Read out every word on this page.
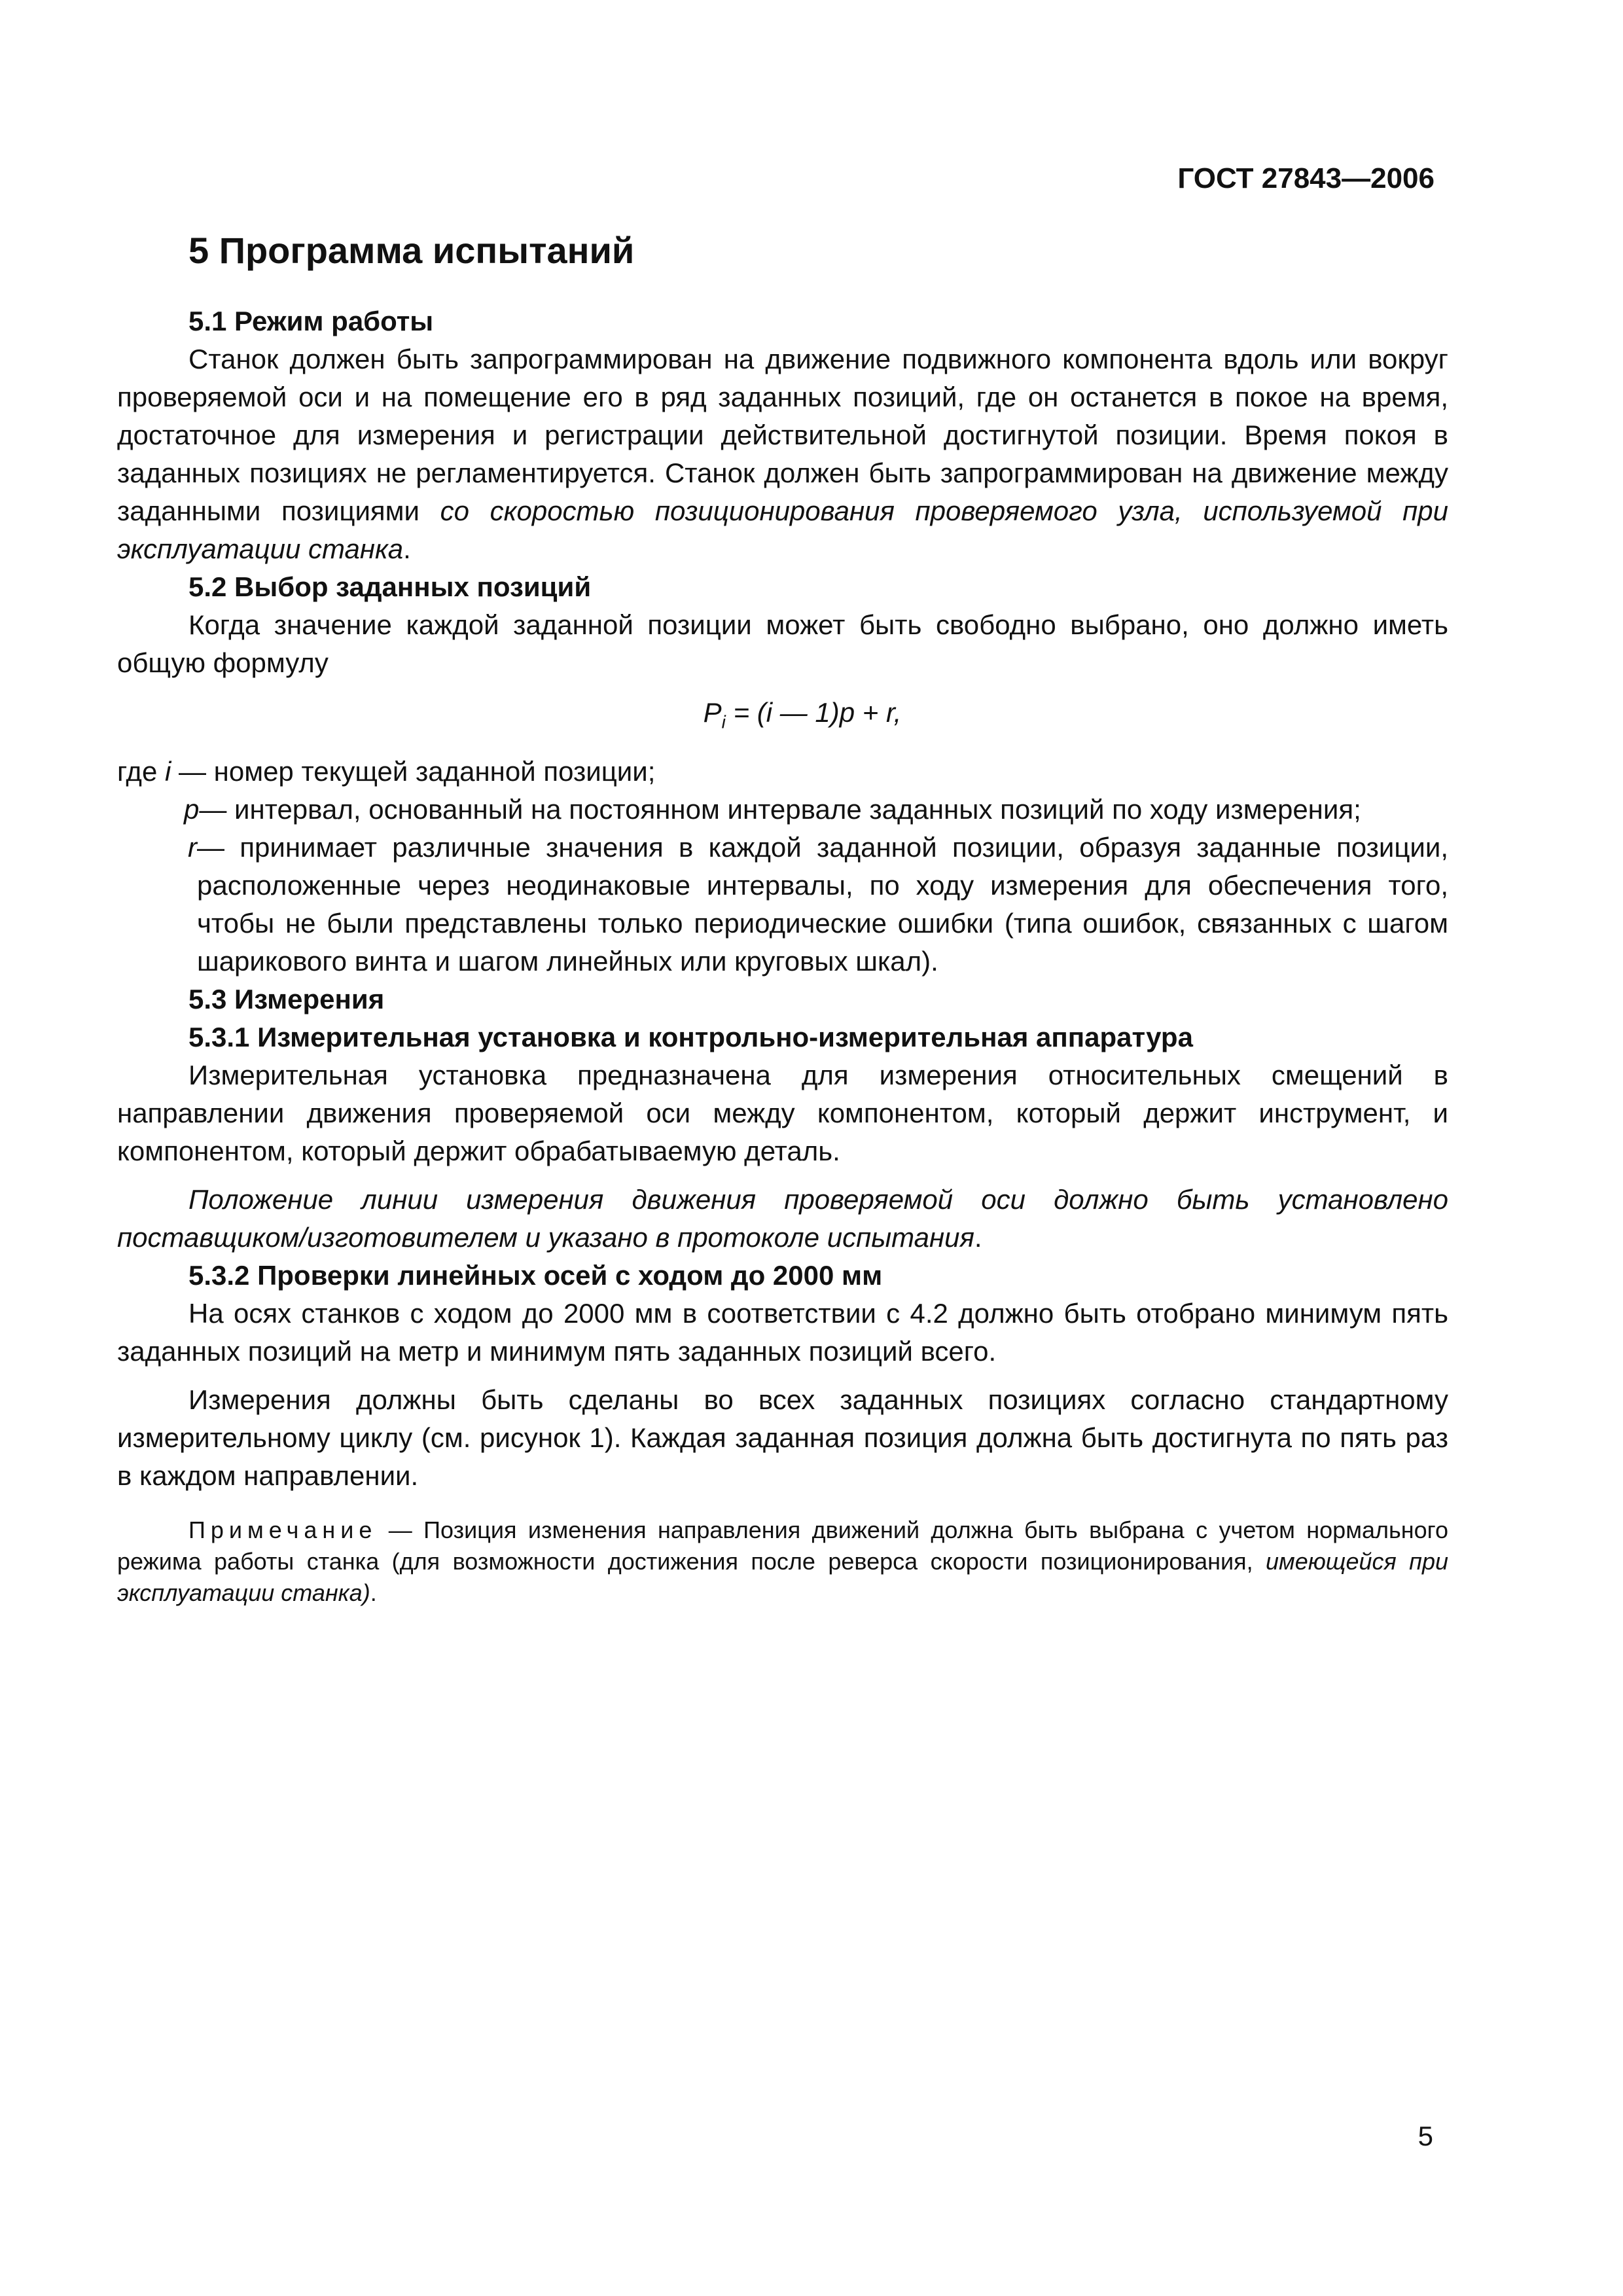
ГОСТ 27843—2006
5 Программа испытаний

5.1 Режим работы

Станок должен быть запрограммирован на движение подвижного компонента вдоль или вокруг проверяемой оси и на помещение его в ряд заданных позиций, где он останется в покое на время, достаточное для измерения и регистрации действительной достигнутой позиции. Время покоя в заданных позициях не регламентируется. Станок должен быть запрограммирован на движение между заданными позициями со скоростью позиционирования проверяемого узла, используемой при эксплуатации станка.

5.2 Выбор заданных позиций

Когда значение каждой заданной позиции может быть свободно выбрано, оно должно иметь общую формулу

$P_i = (i$ — 1)p + r,

где i — номер текущей заданной позиции;
p — интервал, основанный на постоянном интервале заданных позиций по ходу измерения;
r — принимает различные значения в каждой заданной позиции, образуя заданные позиции, расположенные через неодинаковые интервалы, по ходу измерения для обеспечения того, чтобы не были представлены только периодические ошибки (типа ошибок, связанных с шагом шарикового винта и шагом линейных или круговых шкал).

5.3 Измерения

5.3.1 Измерительная установка и контрольно-измерительная аппаратура

Измерительная установка предназначена для измерения относительных смещений в направлении движения проверяемой оси между компонентом, который держит инструмент, и компонентом, который держит обрабатываемую деталь.

Положение линии измерения движения проверяемой оси должно быть установлено поставщиком/изготовителем и указано в протоколе испытания.

5.3.2 Проверки линейных осей с ходом до 2000 мм

На осях станков с ходом до 2000 мм в соответствии с 4.2 должно быть отобрано минимум пять заданных позиций на метр и минимум пять заданных позиций всего.

Измерения должны быть сделаны во всех заданных позициях согласно стандартному измерительному циклу (см. рисунок 1). Каждая заданная позиция должна быть достигнута по пять раз в каждом направлении.

Примечание — Позиция изменения направления движений должна быть выбрана с учетом нормального режима работы станка (для возможности достижения после реверса скорости позиционирования, имеющейся при эксплуатации станка).

5
